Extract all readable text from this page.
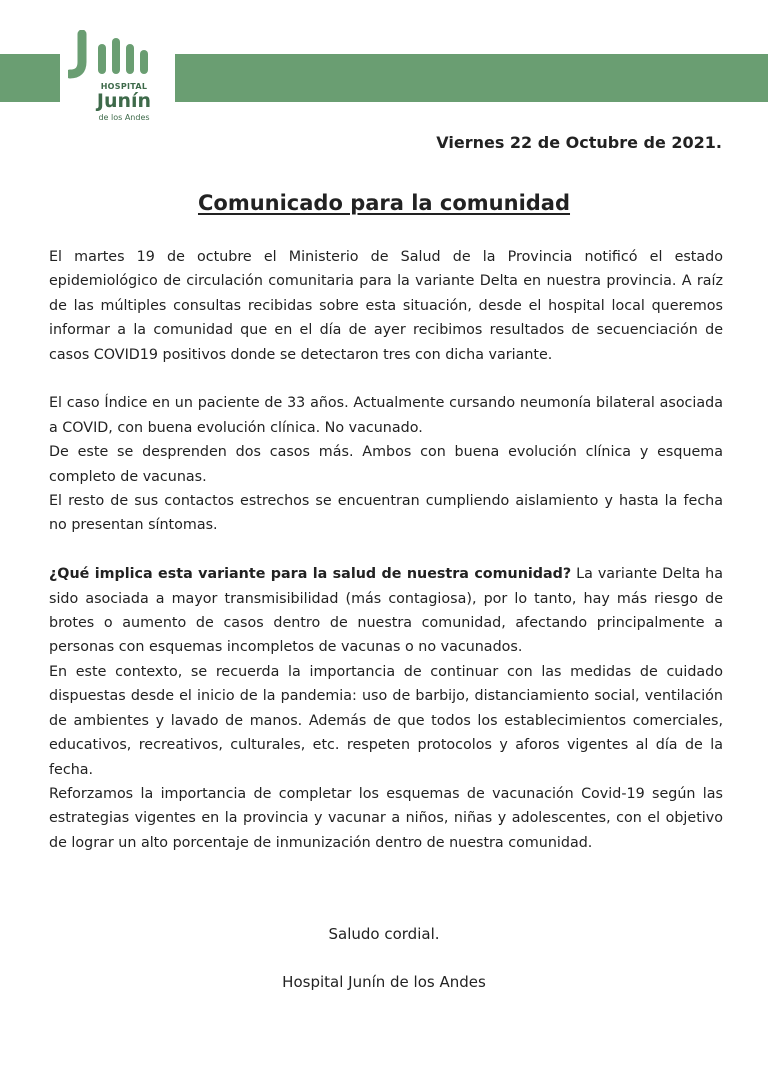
HOSPITAL
Junín
de los Andes
Viernes 22 de Octubre de 2021.
Comunicado para la comunidad

El martes 19 de octubre el Ministerio de Salud de la Provincia notificó el estado epidemiológico de circulación comunitaria para la variante Delta en nuestra provincia. A raíz de las múltiples consultas recibidas sobre esta situación, desde el hospital local queremos informar a la comunidad que en el día de ayer recibimos resultados de secuenciación de casos COVID19 positivos donde se detectaron tres con dicha variante.

El caso Índice en un paciente de 33 años. Actualmente cursando neumonía bilateral asociada a COVID, con buena evolución clínica. No vacunado.

De este se desprenden dos casos más. Ambos con buena evolución clínica y esquema completo de vacunas.

El resto de sus contactos estrechos se encuentran cumpliendo aislamiento y hasta la fecha no presentan síntomas.

¿Qué implica esta variante para la salud de nuestra comunidad? La variante Delta ha sido asociada a mayor transmisibilidad (más contagiosa), por lo tanto, hay más riesgo de brotes o aumento de casos dentro de nuestra comunidad, afectando principalmente a personas con esquemas incompletos de vacunas o no vacunados.

En este contexto, se recuerda la importancia de continuar con las medidas de cuidado dispuestas desde el inicio de la pandemia: uso de barbijo, distanciamiento social, ventilación de ambientes y lavado de manos. Además de que todos los establecimientos comerciales, educativos, recreativos, culturales, etc. respeten protocolos y aforos vigentes al día de la fecha.

Reforzamos la importancia de completar los esquemas de vacunación Covid-19 según las estrategias vigentes en la provincia y vacunar a niños, niñas y adolescentes, con el objetivo de lograr un alto porcentaje de inmunización dentro de nuestra comunidad.

Saludo cordial.
Hospital Junín de los Andes
